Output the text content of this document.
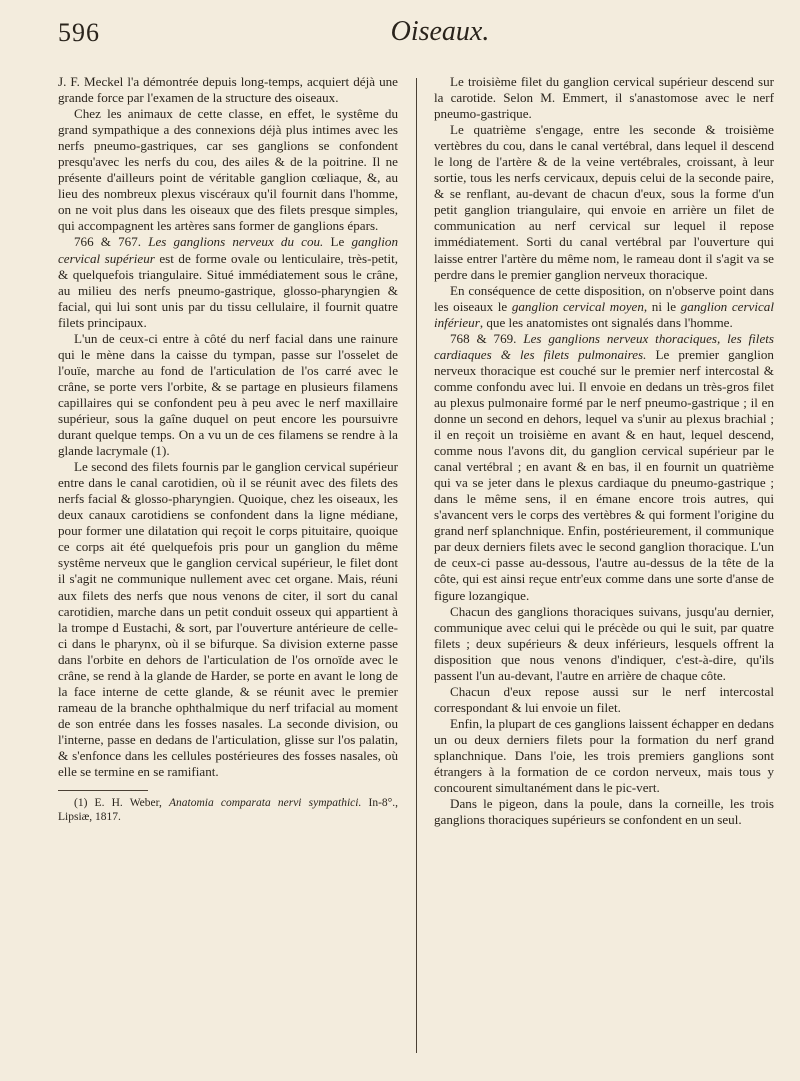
596	Oiseaux.

J. F. Meckel l'a démontrée depuis long-temps, acquiert déjà une grande force par l'examen de la structure des oiseaux.

Chez les animaux de cette classe, en effet, le systême du grand sympathique a des connexions déjà plus intimes avec les nerfs pneumo-gastriques, car ses ganglions se confondent presqu'avec les nerfs du cou, des ailes & de la poitrine. Il ne présente d'ailleurs point de véritable ganglion cœliaque, &, au lieu des nombreux plexus viscéraux qu'il fournit dans l'homme, on ne voit plus dans les oiseaux que des filets presque simples, qui accompagnent les artères sans former de ganglions épars.

766 & 767. Les ganglions nerveux du cou. Le ganglion cervical supérieur est de forme ovale ou lenticulaire, très-petit, & quelquefois triangulaire. Situé immédiatement sous le crâne, au milieu des nerfs pneumo-gastrique, glosso-pharyngien & facial, qui lui sont unis par du tissu cellulaire, il fournit quatre filets principaux.

L'un de ceux-ci entre à côté du nerf facial dans une rainure qui le mène dans la caisse du tympan, passe sur l'osselet de l'ouïe, marche au fond de l'articulation de l'os carré avec le crâne, se porte vers l'orbite, & se partage en plusieurs filamens capillaires qui se confondent peu à peu avec le nerf maxillaire supérieur, sous la gaîne duquel on peut encore les poursuivre durant quelque temps. On a vu un de ces filamens se rendre à la glande lacrymale (1).

Le second des filets fournis par le ganglion cervical supérieur entre dans le canal carotidien, où il se réunit avec des filets des nerfs facial & glosso-pharyngien. Quoique, chez les oiseaux, les deux canaux carotidiens se confondent dans la ligne médiane, pour former une dilatation qui reçoit le corps pituitaire, quoique ce corps ait été quelquefois pris pour un ganglion du même systême nerveux que le ganglion cervical supérieur, le filet dont il s'agit ne communique nullement avec cet organe. Mais, réuni aux filets des nerfs que nous venons de citer, il sort du canal carotidien, marche dans un petit conduit osseux qui appartient à la trompe d Eustachi, & sort, par l'ouverture antérieure de celle-ci dans le pharynx, où il se bifurque. Sa division externe passe dans l'orbite en dehors de l'articulation de l'os ornoïde avec le crâne, se rend à la glande de Harder, se porte en avant le long de la face interne de cette glande, & se réunit avec le premier rameau de la branche ophthalmique du nerf trifacial au moment de son entrée dans les fosses nasales. La seconde division, ou l'interne, passe en dedans de l'articulation, glisse sur l'os palatin, & s'enfonce dans les cellules postérieures des fosses nasales, où elle se termine en se ramifiant.

(1) E. H. Weber, Anatomia comparata nervi sympathici. In-8°., Lipsiæ, 1817.

Le troisième filet du ganglion cervical supérieur descend sur la carotide. Selon M. Emmert, il s'anastomose avec le nerf pneumo-gastrique.

Le quatrième s'engage, entre les seconde & troisième vertèbres du cou, dans le canal vertébral, dans lequel il descend le long de l'artère & de la veine vertébrales, croissant, à leur sortie, tous les nerfs cervicaux, depuis celui de la seconde paire, & se renflant, au-devant de chacun d'eux, sous la forme d'un petit ganglion triangulaire, qui envoie en arrière un filet de communication au nerf cervical sur lequel il repose immédiatement. Sorti du canal vertébral par l'ouverture qui laisse entrer l'artère du même nom, le rameau dont il s'agit va se perdre dans le premier ganglion nerveux thoracique.

En conséquence de cette disposition, on n'observe point dans les oiseaux le ganglion cervical moyen, ni le ganglion cervical inférieur, que les anatomistes ont signalés dans l'homme.

768 & 769. Les ganglions nerveux thoraciques, les filets cardiaques & les filets pulmonaires. Le premier ganglion nerveux thoracique est couché sur le premier nerf intercostal & comme confondu avec lui. Il envoie en dedans un très-gros filet au plexus pulmonaire formé par le nerf pneumo-gastrique ; il en donne un second en dehors, lequel va s'unir au plexus brachial ; il en reçoit un troisième en avant & en haut, lequel descend, comme nous l'avons dit, du ganglion cervical supérieur par le canal vertébral ; en avant & en bas, il en fournit un quatrième qui va se jeter dans le plexus cardiaque du pneumo-gastrique ; dans le même sens, il en émane encore trois autres, qui s'avancent vers le corps des vertèbres & qui forment l'origine du grand nerf splanchnique. Enfin, postérieurement, il communique par deux derniers filets avec le second ganglion thoracique. L'un de ceux-ci passe au-dessous, l'autre au-dessus de la tête de la côte, qui est ainsi reçue entr'eux comme dans une sorte d'anse de figure lozangique.

Chacun des ganglions thoraciques suivans, jusqu'au dernier, communique avec celui qui le précède ou qui le suit, par quatre filets ; deux supérieurs & deux inférieurs, lesquels offrent la disposition que nous venons d'indiquer, c'est-à-dire, qu'ils passent l'un au-devant, l'autre en arrière de chaque côte.

Chacun d'eux repose aussi sur le nerf intercostal correspondant & lui envoie un filet.

Enfin, la plupart de ces ganglions laissent échapper en dedans un ou deux derniers filets pour la formation du nerf grand splanchnique. Dans l'oie, les trois premiers ganglions sont étrangers à la formation de ce cordon nerveux, mais tous y concourent simultanément dans le pic-vert.

Dans le pigeon, dans la poule, dans la corneille, les trois ganglions thoraciques supérieurs se confondent en un seul.
